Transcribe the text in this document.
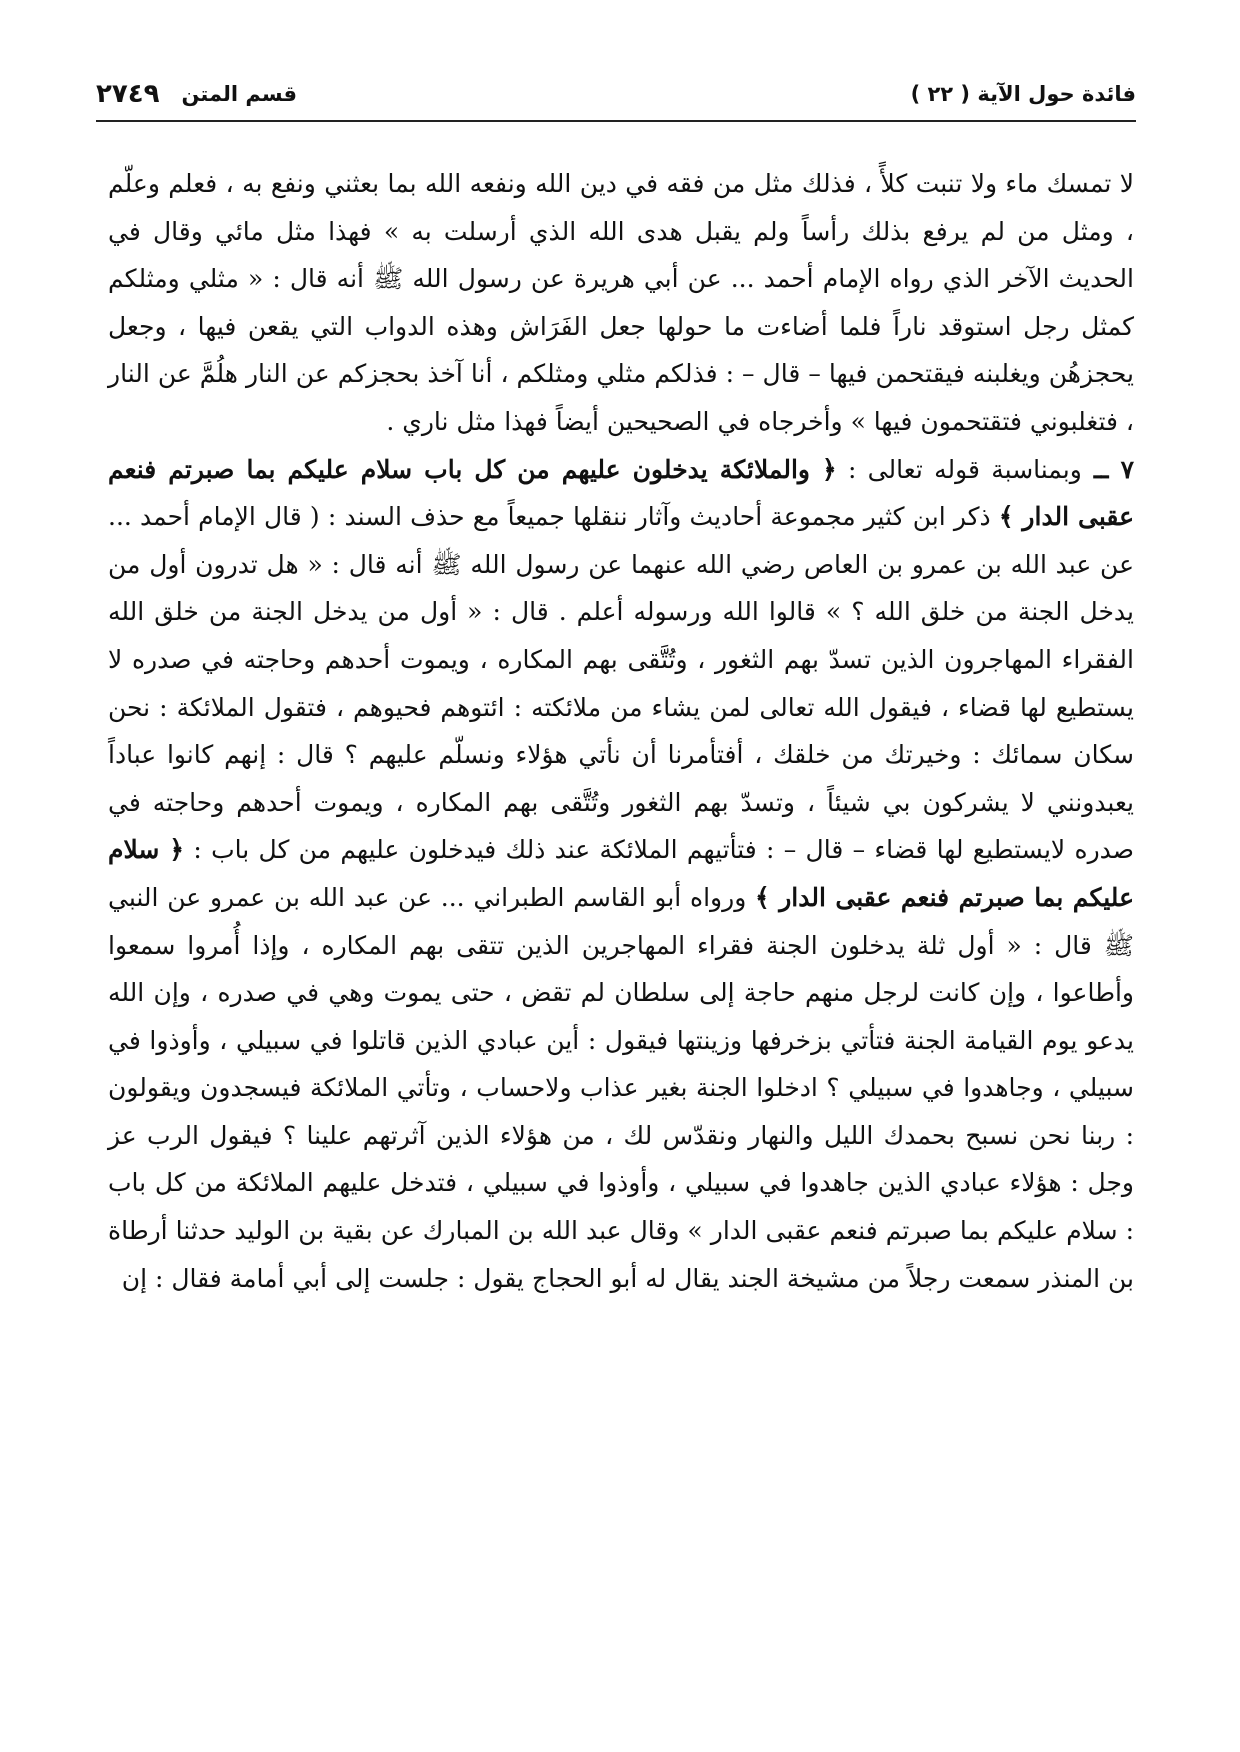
فائدة حول الآية ( ٢٢ )
قسم المتن
٢٧٤٩

لا تمسك ماء ولا تنبت كلأً ، فذلك مثل من فقه في دين الله ونفعه الله بما بعثني ونفع به ، فعلم وعلّم ، ومثل من لم يرفع بذلك رأساً ولم يقبل هدى الله الذي أرسلت به » فهذا مثل مائي وقال في الحديث الآخر الذي رواه الإمام أحمد ... عن أبي هريرة عن رسول الله ﷺ أنه قال : « مثلي ومثلكم كمثل رجل استوقد ناراً فلما أضاءت ما حولها جعل الفَرَاش وهذه الدواب التي يقعن فيها ، وجعل يحجزهُن ويغلبنه فيقتحمن فيها – قال – : فذلكم مثلي ومثلكم ، أنا آخذ بحجزكم عن النار هلُمَّ عن النار ، فتغلبوني فتقتحمون فيها » وأخرجاه في الصحيحين أيضاً فهذا مثل ناري .

٧ ــ وبمناسبة قوله تعالى : ﴿ والملائكة يدخلون عليهم من كل باب سلام عليكم بما صبرتم فنعم عقبى الدار ﴾ ذكر ابن كثير مجموعة أحاديث وآثار ننقلها جميعاً مع حذف السند : ( قال الإمام أحمد ... عن عبد الله بن عمرو بن العاص رضي الله عنهما عن رسول الله ﷺ أنه قال : « هل تدرون أول من يدخل الجنة من خلق الله ؟ » قالوا الله ورسوله أعلم . قال : « أول من يدخل الجنة من خلق الله الفقراء المهاجرون الذين تسدّ بهم الثغور ، وتُتَّقى بهم المكاره ، ويموت أحدهم وحاجته في صدره لا يستطيع لها قضاء ، فيقول الله تعالى لمن يشاء من ملائكته : ائتوهم فحيوهم ، فتقول الملائكة : نحن سكان سمائك : وخيرتك من خلقك ، أفتأمرنا أن نأتي هؤلاء ونسلّم عليهم ؟ قال : إنهم كانوا عباداً يعبدونني لا يشركون بي شيئاً ، وتسدّ بهم الثغور وتُتَّقى بهم المكاره ، ويموت أحدهم وحاجته في صدره لايستطيع لها قضاء – قال – : فتأتيهم الملائكة عند ذلك فيدخلون عليهم من كل باب : ﴿ سلام عليكم بما صبرتم فنعم عقبى الدار ﴾ ورواه أبو القاسم الطبراني ... عن عبد الله بن عمرو عن النبي ﷺ قال : « أول ثلة يدخلون الجنة فقراء المهاجرين الذين تتقى بهم المكاره ، وإذا أُمروا سمعوا وأطاعوا ، وإن كانت لرجل منهم حاجة إلى سلطان لم تقض ، حتى يموت وهي في صدره ، وإن الله يدعو يوم القيامة الجنة فتأتي بزخرفها وزينتها فيقول : أين عبادي الذين قاتلوا في سبيلي ، وأوذوا في سبيلي ، وجاهدوا في سبيلي ؟ ادخلوا الجنة بغير عذاب ولاحساب ، وتأتي الملائكة فيسجدون ويقولون : ربنا نحن نسبح بحمدك الليل والنهار ونقدّس لك ، من هؤلاء الذين آثرتهم علينا ؟ فيقول الرب عز وجل : هؤلاء عبادي الذين جاهدوا في سبيلي ، وأوذوا في سبيلي ، فتدخل عليهم الملائكة من كل باب : سلام عليكم بما صبرتم فنعم عقبى الدار » وقال عبد الله بن المبارك عن بقية بن الوليد حدثنا أرطاة بن المنذر سمعت رجلاً من مشيخة الجند يقال له أبو الحجاج يقول : جلست إلى أبي أمامة فقال : إن
